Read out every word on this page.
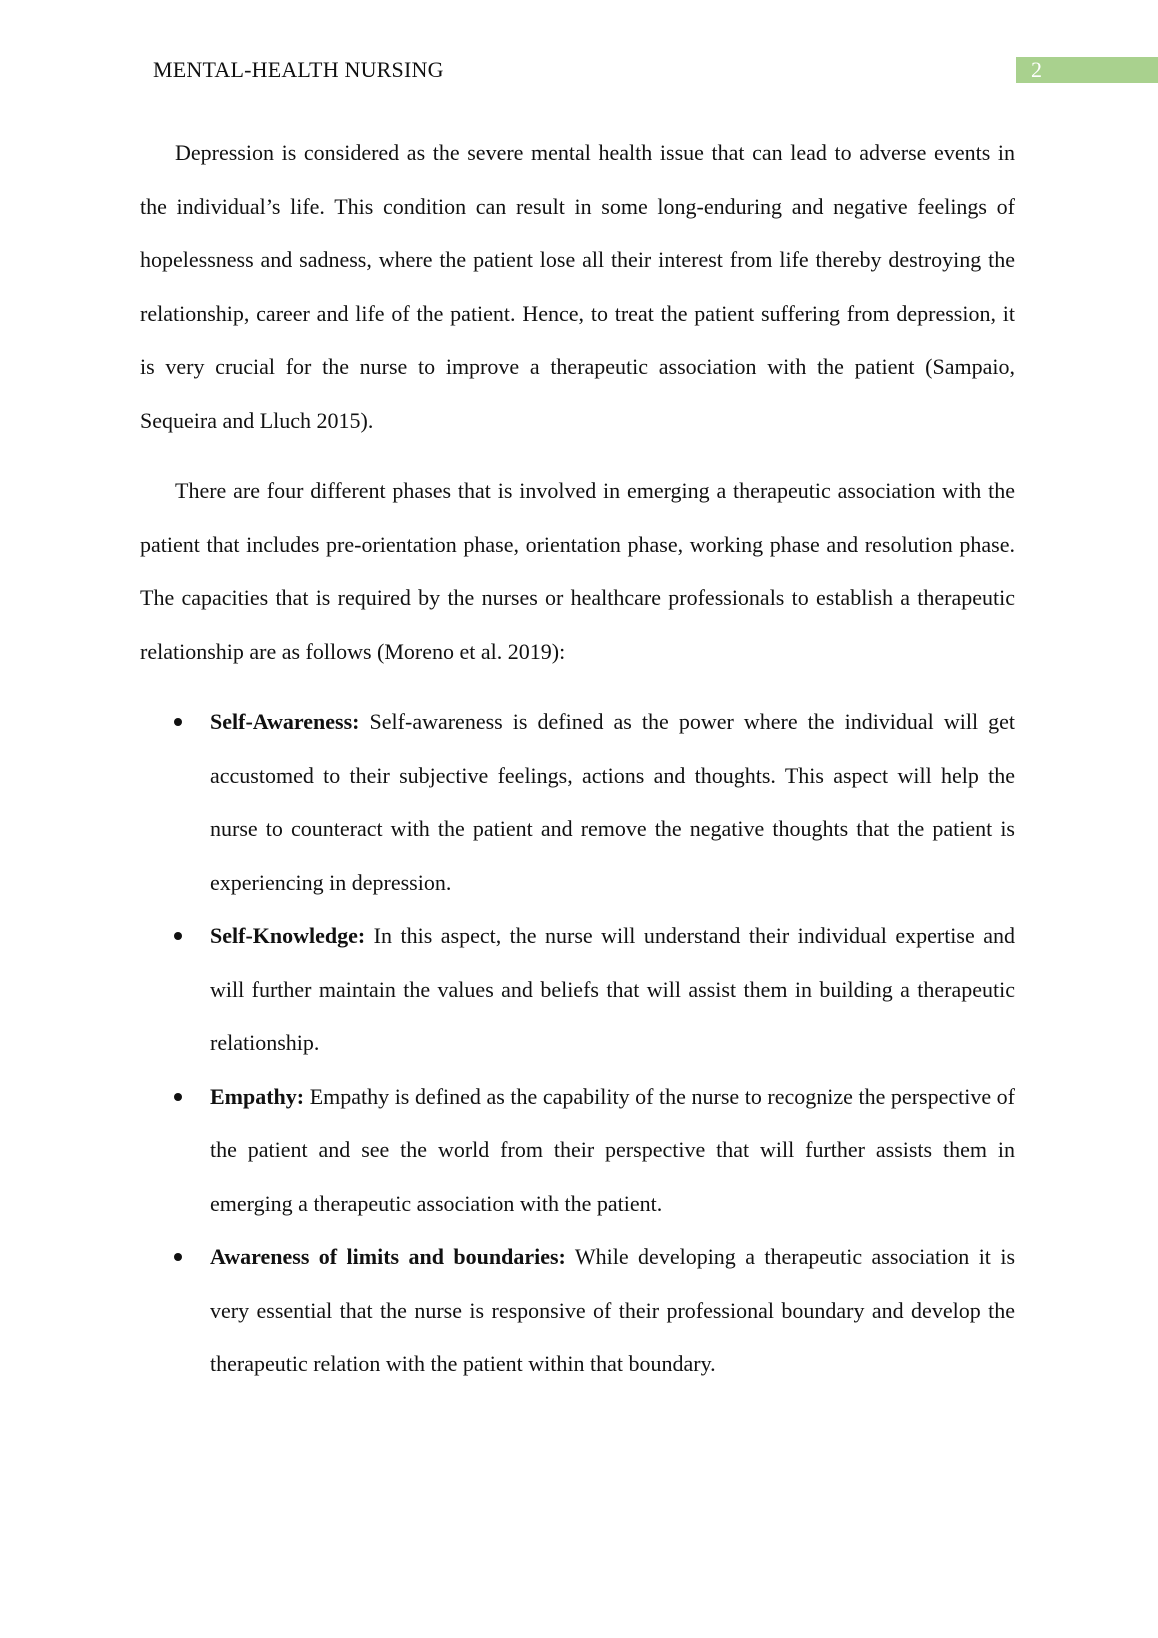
MENTAL-HEALTH NURSING	2

Depression is considered as the severe mental health issue that can lead to adverse events in the individual’s life. This condition can result in some long-enduring and negative feelings of hopelessness and sadness, where the patient lose all their interest from life thereby destroying the relationship, career and life of the patient. Hence, to treat the patient suffering from depression, it is very crucial for the nurse to improve a therapeutic association with the patient (Sampaio, Sequeira and Lluch 2015).

There are four different phases that is involved in emerging a therapeutic association with the patient that includes pre-orientation phase, orientation phase, working phase and resolution phase. The capacities that is required by the nurses or healthcare professionals to establish a therapeutic relationship are as follows (Moreno et al. 2019):

Self-Awareness: Self-awareness is defined as the power where the individual will get accustomed to their subjective feelings, actions and thoughts. This aspect will help the nurse to counteract with the patient and remove the negative thoughts that the patient is experiencing in depression.
Self-Knowledge: In this aspect, the nurse will understand their individual expertise and will further maintain the values and beliefs that will assist them in building a therapeutic relationship.
Empathy: Empathy is defined as the capability of the nurse to recognize the perspective of the patient and see the world from their perspective that will further assists them in emerging a therapeutic association with the patient.
Awareness of limits and boundaries: While developing a therapeutic association it is very essential that the nurse is responsive of their professional boundary and develop the therapeutic relation with the patient within that boundary.
